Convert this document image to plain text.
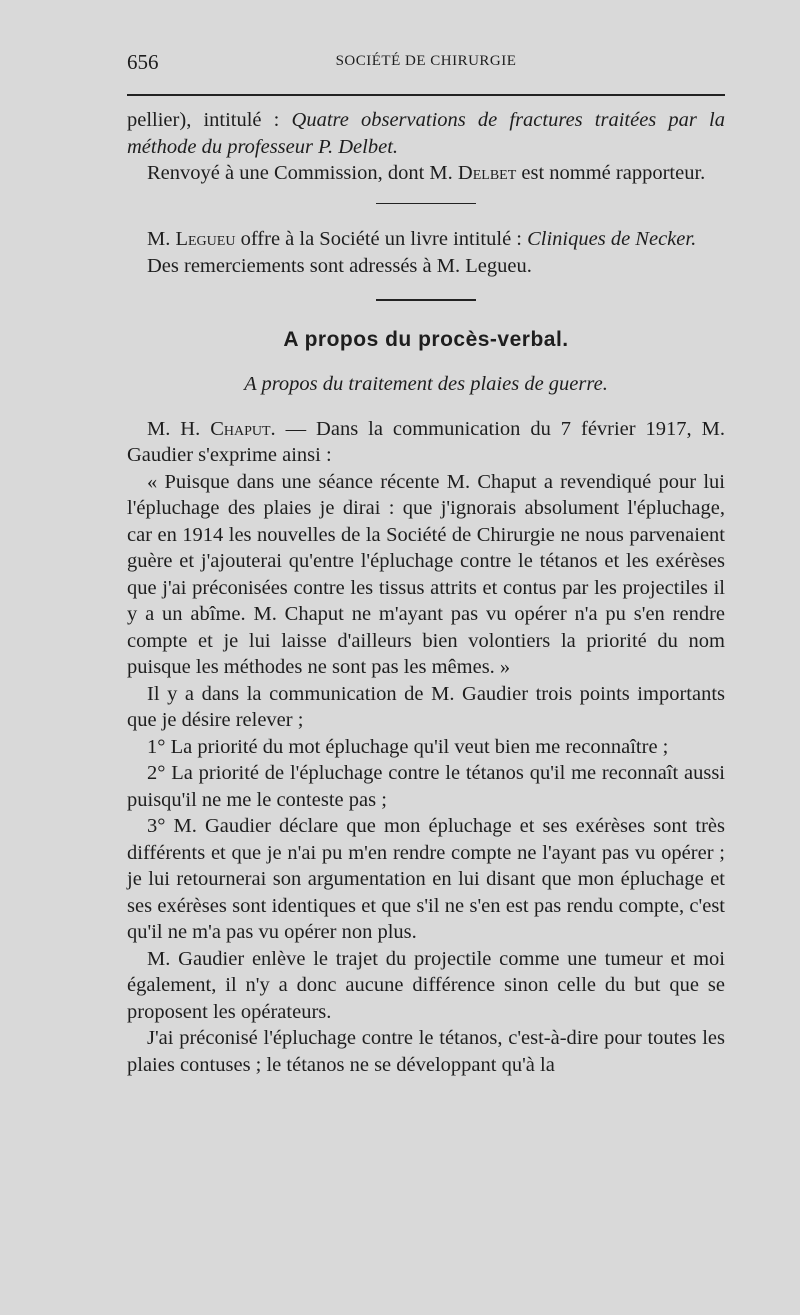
656	SOCIÉTÉ DE CHIRURGIE

pellier), intitulé : Quatre observations de fractures traitées par la méthode du professeur P. Delbet.

Renvoyé à une Commission, dont M. Delbet est nommé rapporteur.

M. Legueu offre à la Société un livre intitulé : Cliniques de Necker.

Des remerciements sont adressés à M. Legueu.

A propos du procès-verbal.
A propos du traitement des plaies de guerre.

M. H. Chaput. — Dans la communication du 7 février 1917, M. Gaudier s'exprime ainsi :

« Puisque dans une séance récente M. Chaput a revendiqué pour lui l'épluchage des plaies je dirai : que j'ignorais absolument l'épluchage, car en 1914 les nouvelles de la Société de Chirurgie ne nous parvenaient guère et j'ajouterai qu'entre l'épluchage contre le tétanos et les exérèses que j'ai préconisées contre les tissus attrits et contus par les projectiles il y a un abîme. M. Chaput ne m'ayant pas vu opérer n'a pu s'en rendre compte et je lui laisse d'ailleurs bien volontiers la priorité du nom puisque les méthodes ne sont pas les mêmes. »

Il y a dans la communication de M. Gaudier trois points importants que je désire relever ;

1° La priorité du mot épluchage qu'il veut bien me reconnaître ;

2° La priorité de l'épluchage contre le tétanos qu'il me reconnaît aussi puisqu'il ne me le conteste pas ;

3° M. Gaudier déclare que mon épluchage et ses exérèses sont très différents et que je n'ai pu m'en rendre compte ne l'ayant pas vu opérer ; je lui retournerai son argumentation en lui disant que mon épluchage et ses exérèses sont identiques et que s'il ne s'en est pas rendu compte, c'est qu'il ne m'a pas vu opérer non plus.

M. Gaudier enlève le trajet du projectile comme une tumeur et moi également, il n'y a donc aucune différence sinon celle du but que se proposent les opérateurs.

J'ai préconisé l'épluchage contre le tétanos, c'est-à-dire pour toutes les plaies contuses ; le tétanos ne se développant qu'à la
